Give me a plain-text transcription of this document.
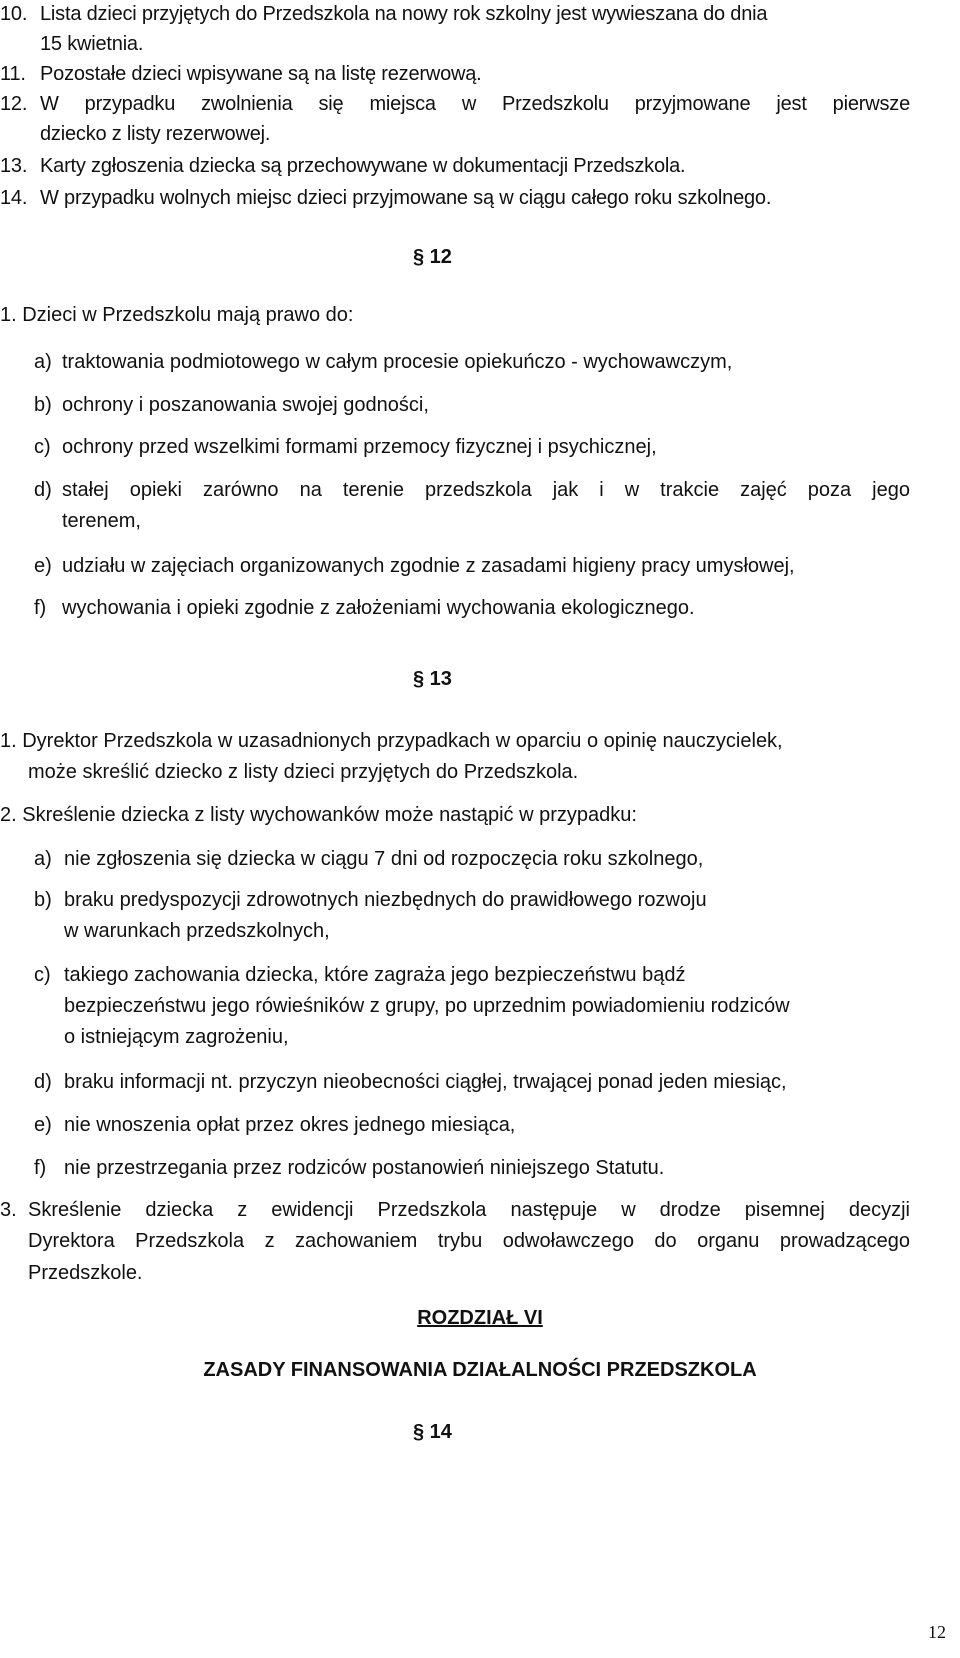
10. Lista dzieci przyjętych do Przedszkola na nowy rok szkolny jest wywieszana do dnia
15 kwietnia.
11. Pozostałe dzieci wpisywane są na listę rezerwową.
12. W przypadku zwolnienia się miejsca w Przedszkolu przyjmowane jest pierwsze
dziecko z listy rezerwowej.
13. Karty zgłoszenia dziecka są przechowywane w dokumentacji Przedszkola.
14. W przypadku wolnych miejsc dzieci przyjmowane są w ciągu całego roku szkolnego.
§ 12
1. Dzieci w Przedszkolu mają prawo do:
a) traktowania podmiotowego w całym procesie opiekuńczo - wychowawczym,
b) ochrony i poszanowania swojej godności,
c) ochrony przed wszelkimi formami przemocy fizycznej i psychicznej,
d) stałej opieki zarówno na terenie przedszkola jak i w trakcie zajęć poza jego
terenem,
e) udziału w zajęciach organizowanych zgodnie z zasadami higieny pracy umysłowej,
f) wychowania i opieki zgodnie z założeniami wychowania ekologicznego.
§ 13
1. Dyrektor Przedszkola w uzasadnionych przypadkach w oparciu o opinię nauczycielek,
może skreślić dziecko z listy dzieci przyjętych do Przedszkola.
2. Skreślenie dziecka z listy wychowanków może nastąpić w przypadku:
a) nie zgłoszenia się dziecka w ciągu 7 dni od rozpoczęcia roku szkolnego,
b) braku predyspozycji zdrowotnych niezbędnych do prawidłowego rozwoju
w warunkach przedszkolnych,
c) takiego zachowania dziecka, które zagraża jego bezpieczeństwu bądź
bezpieczeństwu jego rówieśników z grupy, po uprzednim powiadomieniu rodziców
o istniejącym zagrożeniu,
d) braku informacji nt. przyczyn nieobecności ciągłej, trwającej ponad jeden miesiąc,
e) nie wnoszenia opłat przez okres jednego miesiąca,
f) nie przestrzegania przez rodziców postanowień niniejszego Statutu.
3. Skreślenie dziecka z ewidencji Przedszkola następuje w drodze pisemnej decyzji
Dyrektora Przedszkola z zachowaniem trybu odwoławczego do organu prowadzącego
Przedszkole.
ROZDZIAŁ VI
ZASADY FINANSOWANIA DZIAŁALNOŚCI PRZEDSZKOLA
§ 14
12
